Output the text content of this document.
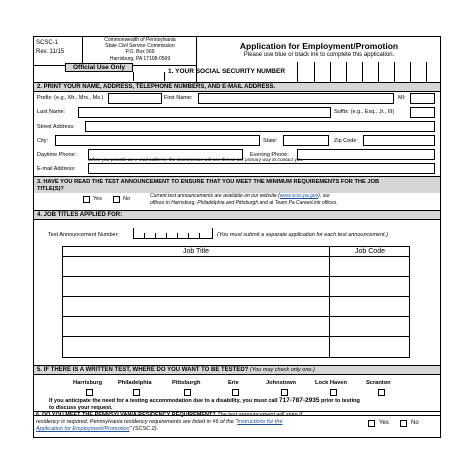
SCSC-1
Rev. 11/15
Commonwealth of Pennsylvania
State Civil Service Commission
P.O. Box 569
Harrisburg, PA 17108-0569
Application for Employment/Promotion
Please use blue or black ink to complete this application.
Official Use Only
1. YOUR SOCIAL SECURITY NUMBER
2. PRINT YOUR NAME, ADDRESS, TELEPHONE NUMBERS, AND E-MAIL ADDRESS.
Prefix: (e.g., Mr., Mrs., Ms.)	First Name:	MI:
Last Name:	Suffix: (e.g., Esq., Jr., III)
Street Address:
City:	State:	Zip Code:
Daytime Phone:	Evening Phone:
When you provide an e-mail address, the Commission will use this as our primary way to contact you.
E-mail Address:
3. HAVE YOU READ THE TEST ANNOUNCEMENT TO ENSURE THAT YOU MEET THE MINIMUM REQUIREMENTS FOR THE JOB
TITLE(S)?
Yes	No	Current test announcements are available on our website (www.scsc.pa.gov), our
offices in Harrisburg, Philadelphia and Pittsburgh and at Team Pa CareerLink offices.
4. JOB TITLES APPLIED FOR:
Test Announcement Number:	(You must submit a separate application for each test announcement.)
Job Title	Job Code
5. IF THERE IS A WRITTEN TEST, WHERE DO YOU WANT TO BE TESTED? (You may check only one.)
Harrisburg	Philadelphia	Pittsburgh	Erie	Johnstown	Lock Haven	Scranton
If you anticipate the need for a testing accommodation due to a disability, you must call 717-787-2935 prior to testing
to discuss your request.
6. DO YOU MEET THE PENNSYLVANIA RESIDENCY REQUIREMENT? The test announcement will state if
residency is required. Pennsylvania residency requirements are listed in #6 of the "Instructions for the
Application for Employment/Promotion" (SCSC 2).
Yes	No
